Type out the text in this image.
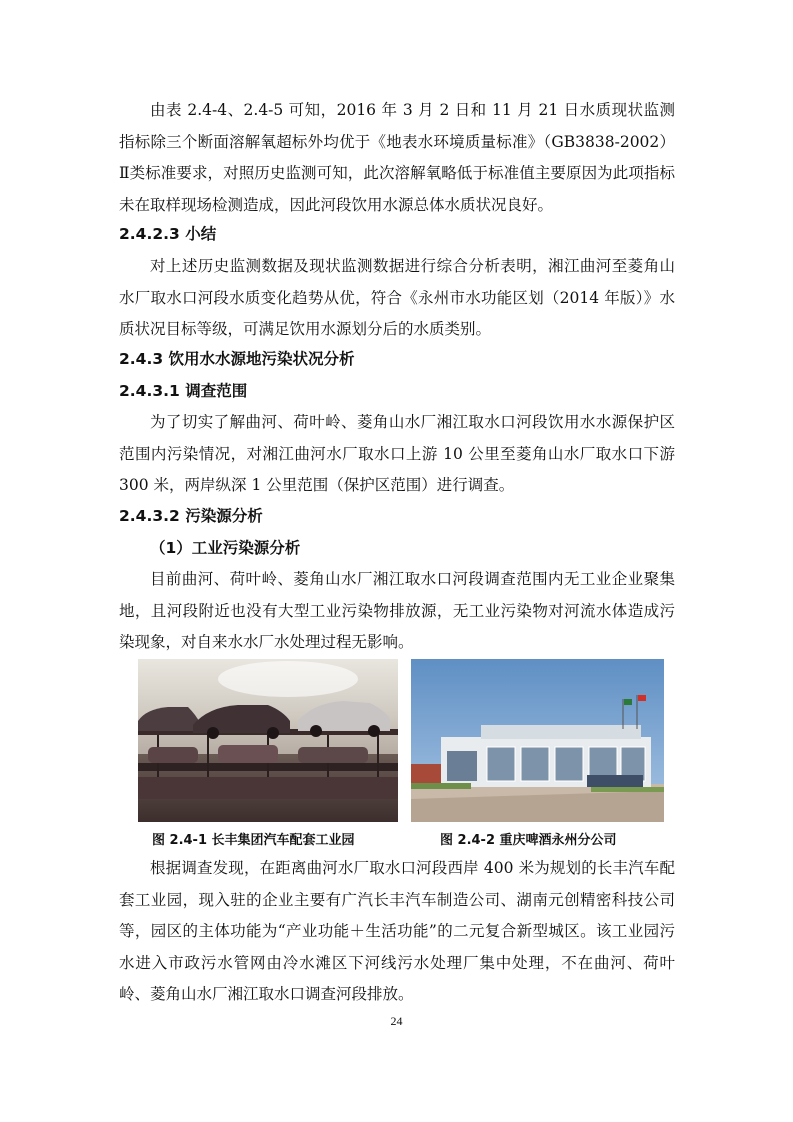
由表 2.4-4、2.4-5 可知，2016 年 3 月 2 日和 11 月 21 日水质现状监测指标除三个断面溶解氧超标外均优于《地表水环境质量标准》（GB3838-2002）Ⅱ类标准要求，对照历史监测可知，此次溶解氧略低于标准值主要原因为此项指标未在取样现场检测造成，因此河段饮用水源总体水质状况良好。

2.4.2.3 小结

对上述历史监测数据及现状监测数据进行综合分析表明，湘江曲河至菱角山水厂取水口河段水质变化趋势从优，符合《永州市水功能区划（2014 年版）》水质状况目标等级，可满足饮用水源划分后的水质类别。

2.4.3 饮用水水源地污染状况分析
2.4.3.1 调查范围

为了切实了解曲河、荷叶岭、菱角山水厂湘江取水口河段饮用水水源保护区范围内污染情况，对湘江曲河水厂取水口上游 10 公里至菱角山水厂取水口下游 300 米，两岸纵深 1 公里范围（保护区范围）进行调查。

2.4.3.2 污染源分析
（1）工业污染源分析

目前曲河、荷叶岭、菱角山水厂湘江取水口河段调查范围内无工业企业聚集地，且河段附近也没有大型工业污染物排放源，无工业污染物对河流水体造成污染现象，对自来水水厂水处理过程无影响。

图 2.4-1 长丰集团汽车配套工业园	图 2.4-2 重庆啤酒永州分公司

根据调查发现，在距离曲河水厂取水口河段西岸 400 米为规划的长丰汽车配套工业园，现入驻的企业主要有广汽长丰汽车制造公司、湖南元创精密科技公司等，园区的主体功能为“产业功能＋生活功能”的二元复合新型城区。该工业园污水进入市政污水管网由冷水滩区下河线污水处理厂集中处理，不在曲河、荷叶岭、菱角山水厂湘江取水口调查河段排放。

24
